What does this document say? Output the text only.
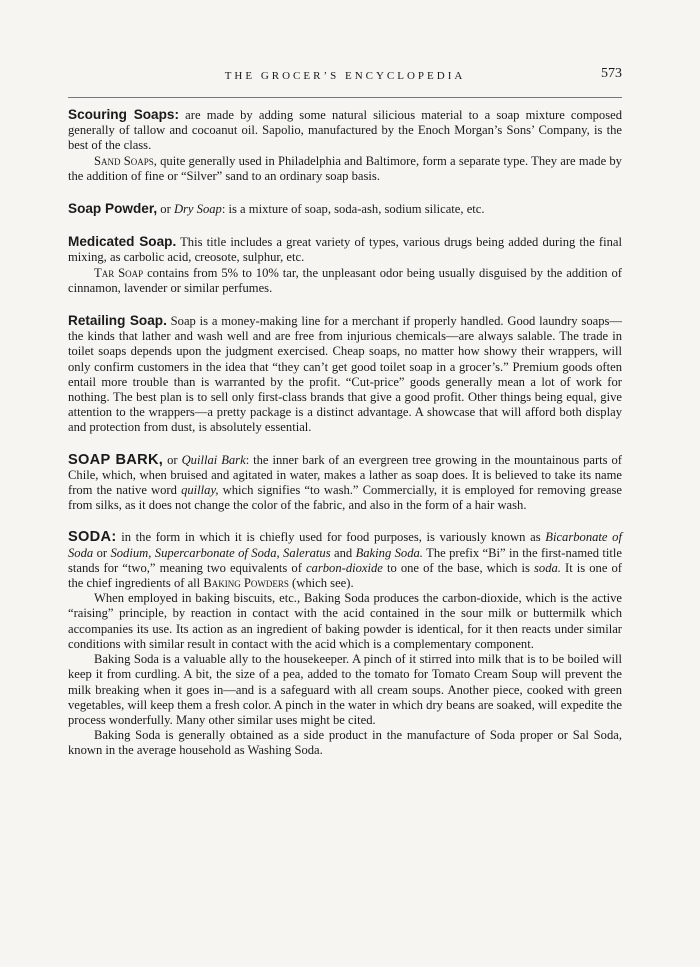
THE GROCER’S ENCYCLOPEDIA	573

Scouring Soaps: are made by adding some natural silicious material to a soap mixture composed generally of tallow and cocoanut oil. Sapolio, manufactured by the Enoch Morgan’s Sons’ Company, is the best of the class.

Sand Soaps, quite generally used in Philadelphia and Baltimore, form a separate type. They are made by the addition of fine or “Silver” sand to an ordinary soap basis.

Soap Powder, or Dry Soap: is a mixture of soap, soda-ash, sodium silicate, etc.

Medicated Soap. This title includes a great variety of types, various drugs being added during the final mixing, as carbolic acid, creosote, sulphur, etc.

Tar Soap contains from 5% to 10% tar, the unpleasant odor being usually disguised by the addition of cinnamon, lavender or similar perfumes.

Retailing Soap. Soap is a money-making line for a merchant if properly handled. Good laundry soaps—the kinds that lather and wash well and are free from injurious chemicals—are always salable. The trade in toilet soaps depends upon the judgment exercised. Cheap soaps, no matter how showy their wrappers, will only confirm customers in the idea that “they can’t get good toilet soap in a grocer’s.” Premium goods often entail more trouble than is warranted by the profit. “Cut-price” goods generally mean a lot of work for nothing. The best plan is to sell only first-class brands that give a good profit. Other things being equal, give attention to the wrappers—a pretty package is a distinct advantage. A showcase that will afford both display and protection from dust, is absolutely essential.

SOAP BARK, or Quillai Bark: the inner bark of an evergreen tree growing in the mountainous parts of Chile, which, when bruised and agitated in water, makes a lather as soap does. It is believed to take its name from the native word quillay, which signifies “to wash.” Commercially, it is employed for removing grease from silks, as it does not change the color of the fabric, and also in the form of a hair wash.

SODA: in the form in which it is chiefly used for food purposes, is variously known as Bicarbonate of Soda or Sodium, Supercarbonate of Soda, Saleratus and Baking Soda. The prefix “Bi” in the first-named title stands for “two,” meaning two equivalents of carbon-dioxide to one of the base, which is soda. It is one of the chief ingredients of all Baking Powders (which see).

When employed in baking biscuits, etc., Baking Soda produces the carbon-dioxide, which is the active “raising” principle, by reaction in contact with the acid contained in the sour milk or buttermilk which accompanies its use. Its action as an ingredient of baking powder is identical, for it then reacts under similar conditions with similar result in contact with the acid which is a complementary component.

Baking Soda is a valuable ally to the housekeeper. A pinch of it stirred into milk that is to be boiled will keep it from curdling. A bit, the size of a pea, added to the tomato for Tomato Cream Soup will prevent the milk breaking when it goes in—and is a safeguard with all cream soups. Another piece, cooked with green vegetables, will keep them a fresh color. A pinch in the water in which dry beans are soaked, will expedite the process wonderfully. Many other similar uses might be cited.

Baking Soda is generally obtained as a side product in the manufacture of Soda proper or Sal Soda, known in the average household as Washing Soda.
